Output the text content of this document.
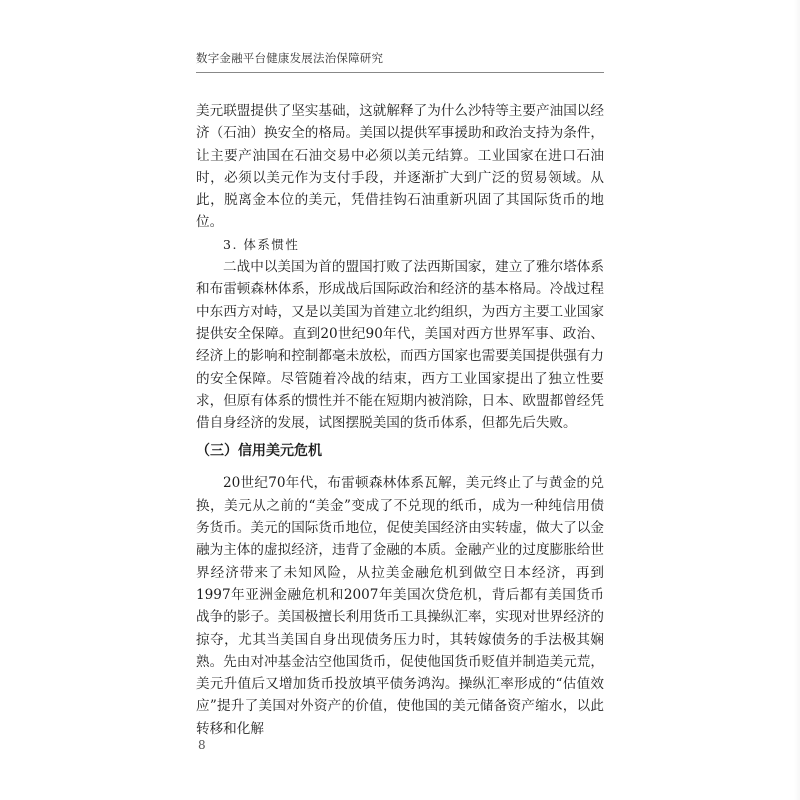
数字金融平台健康发展法治保障研究

美元联盟提供了坚实基础，这就解释了为什么沙特等主要产油国以经济（石油）换安全的格局。美国以提供军事援助和政治支持为条件，让主要产油国在石油交易中必须以美元结算。工业国家在进口石油时，必须以美元作为支付手段，并逐渐扩大到广泛的贸易领域。从此，脱离金本位的美元，凭借挂钩石油重新巩固了其国际货币的地位。

3. 体系惯性

二战中以美国为首的盟国打败了法西斯国家，建立了雅尔塔体系和布雷顿森林体系，形成战后国际政治和经济的基本格局。冷战过程中东西方对峙，又是以美国为首建立北约组织，为西方主要工业国家提供安全保障。直到20世纪90年代，美国对西方世界军事、政治、经济上的影响和控制都毫未放松，而西方国家也需要美国提供强有力的安全保障。尽管随着冷战的结束，西方工业国家提出了独立性要求，但原有体系的惯性并不能在短期内被消除，日本、欧盟都曾经凭借自身经济的发展，试图摆脱美国的货币体系，但都先后失败。

（三）信用美元危机

20世纪70年代，布雷顿森林体系瓦解，美元终止了与黄金的兑换，美元从之前的“美金”变成了不兑现的纸币，成为一种纯信用债务货币。美元的国际货币地位，促使美国经济由实转虚，做大了以金融为主体的虚拟经济，违背了金融的本质。金融产业的过度膨胀给世界经济带来了未知风险，从拉美金融危机到做空日本经济，再到1997年亚洲金融危机和2007年美国次贷危机，背后都有美国货币战争的影子。美国极擅长利用货币工具操纵汇率，实现对世界经济的掠夺，尤其当美国自身出现债务压力时，其转嫁债务的手法极其娴熟。先由对冲基金沽空他国货币，促使他国货币贬值并制造美元荒，美元升值后又增加货币投放填平债务鸿沟。操纵汇率形成的“估值效应”提升了美国对外资产的价值，使他国的美元储备资产缩水，以此转移和化解

8
